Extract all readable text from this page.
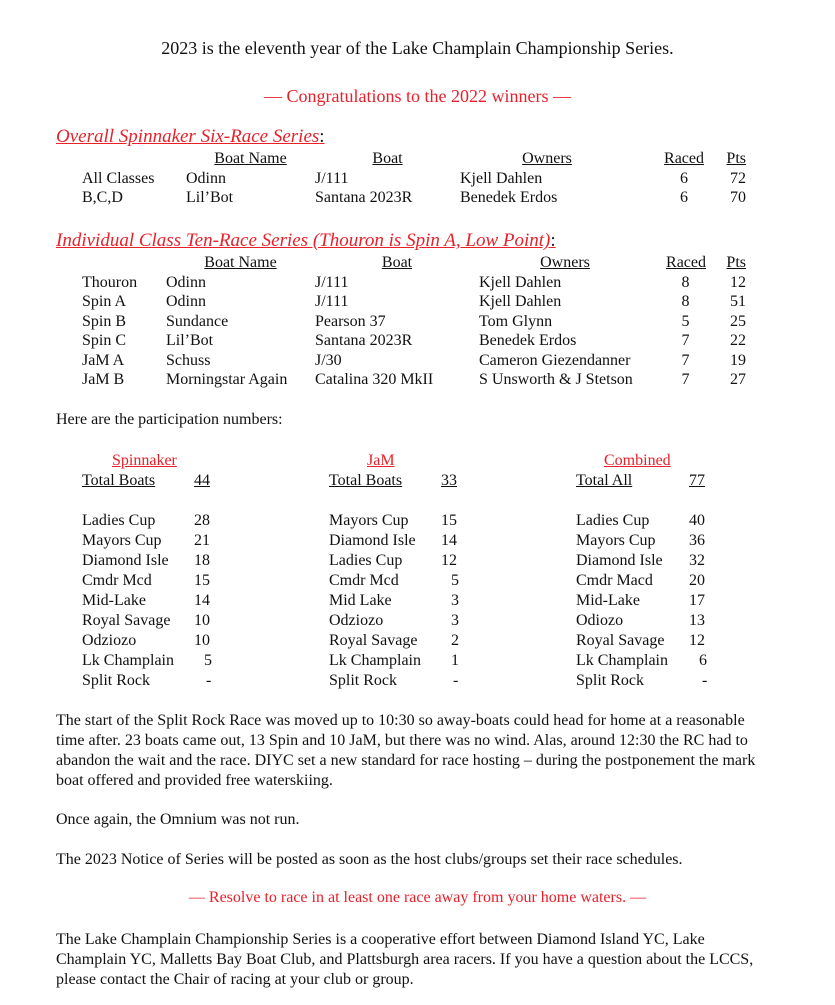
2023 is the eleventh year of the Lake Champlain Championship Series.
— Congratulations to the 2022 winners —
Overall Spinnaker Six-Race Series:
	Boat Name	Boat	Owners	Raced	Pts
All Classes	Odinn	J/111	Kjell Dahlen	6	72
B,C,D	Lil’Bot	Santana 2023R	Benedek Erdos	6	70
Individual Class Ten-Race Series (Thouron is Spin A, Low Point):
	Boat Name	Boat	Owners	Raced	Pts
Thouron	Odinn	J/111	Kjell Dahlen	8	12
Spin A	Odinn	J/111	Kjell Dahlen	8	51
Spin B	Sundance	Pearson 37	Tom Glynn	5	25
Spin C	Lil’Bot	Santana 2023R	Benedek Erdos	7	22
JaM A	Schuss	J/30	Cameron Giezendanner	7	19
JaM B	Morningstar Again	Catalina 320 MkII	S Unsworth & J Stetson	7	27
Here are the participation numbers:
Spinnaker
Total Boats 44
Ladies Cup 28
Mayors Cup 21
Diamond Isle 18
Cmdr Mcd	15
Mid-Lake	14
Royal Savage 10
Odziozo	10
Lk Champlain 5
Split Rock	-
JaM
Total Boats 33
Mayors Cup 15
Diamond Isle 14
Ladies Cup 12
Cmdr Mcd	5
Mid Lake	3
Odziozo	3
Royal Savage 2
Lk Champlain 1
Split Rock	-
Combined
Total All	77
Ladies Cup 40
Mayors Cup 36
Diamond Isle 32
Cmdr Macd 20
Mid-Lake	17
Odiozo	13
Royal Savage 12
Lk Champlain 6
Split Rock	-
The start of the Split Rock Race was moved up to 10:30 so away-boats could head for home at a reasonable time after. 23 boats came out, 13 Spin and 10 JaM, but there was no wind. Alas, around 12:30 the RC had to abandon the wait and the race. DIYC set a new standard for race hosting – during the postponement the mark boat offered and provided free waterskiing.
Once again, the Omnium was not run.
The 2023 Notice of Series will be posted as soon as the host clubs/groups set their race schedules.
— Resolve to race in at least one race away from your home waters. —
The Lake Champlain Championship Series is a cooperative effort between Diamond Island YC, Lake Champlain YC, Malletts Bay Boat Club, and Plattsburgh area racers. If you have a question about the LCCS, please contact the Chair of racing at your club or group.
